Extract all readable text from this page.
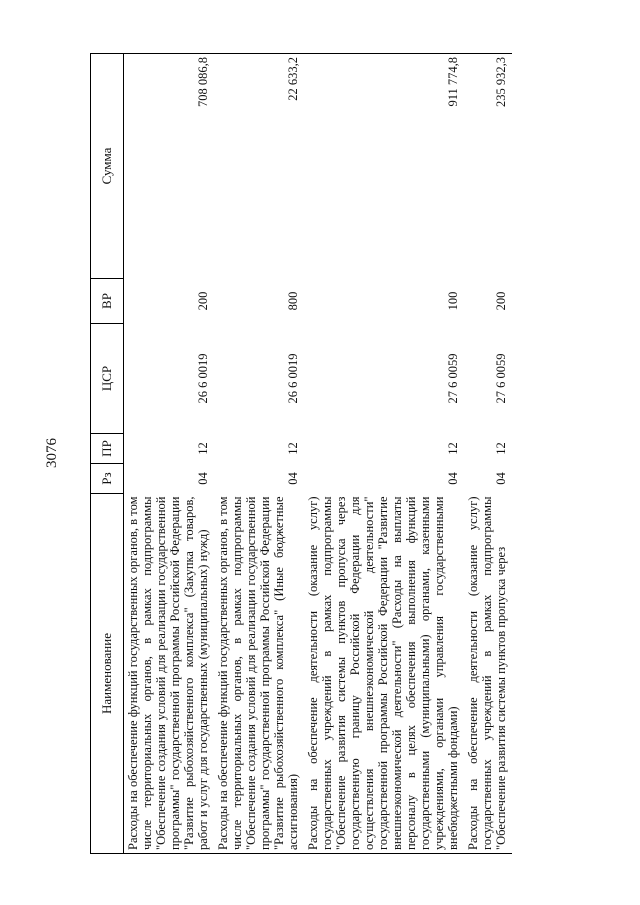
3076
Наименование	Рз	ПР	ЦСР	ВР	Сумма
Расходы на обеспечение функций государственных органов, в том числе территориальных органов, в рамках подпрограммы "Обеспечение создания условий для реализации государственной программы" государственной программы Российской Федерации "Развитие рыбохозяйственного комплекса" (Закупка товаров, работ и услуг для государственных (муниципальных) нужд)	04	12	26 6 0019	200	708 086,8
Расходы на обеспечение функций государственных органов, в том числе территориальных органов, в рамках подпрограммы "Обеспечение создания условий для реализации государственной программы" государственной программы Российской Федерации "Развитие рыбохозяйственного комплекса" (Иные бюджетные ассигнования)	04	12	26 6 0019	800	22 633,2
Расходы на обеспечение деятельности (оказание услуг) государственных учреждений в рамках подпрограммы "Обеспечение развития системы пунктов пропуска через государственную границу Российской Федерации для осуществления внешнеэкономической деятельности" государственной программы Российской Федерации "Развитие внешнеэкономической деятельности" (Расходы на выплаты персоналу в целях обеспечения выполнения функций государственными (муниципальными) органами, казенными учреждениями, органами управления государственными внебюджетными фондами)	04	12	27 6 0059	100	911 774,8
Расходы на обеспечение деятельности (оказание услуг) государственных учреждений в рамках подпрограммы "Обеспечение развития системы пунктов пропуска через	04	12	27 6 0059	200	235 932,3
